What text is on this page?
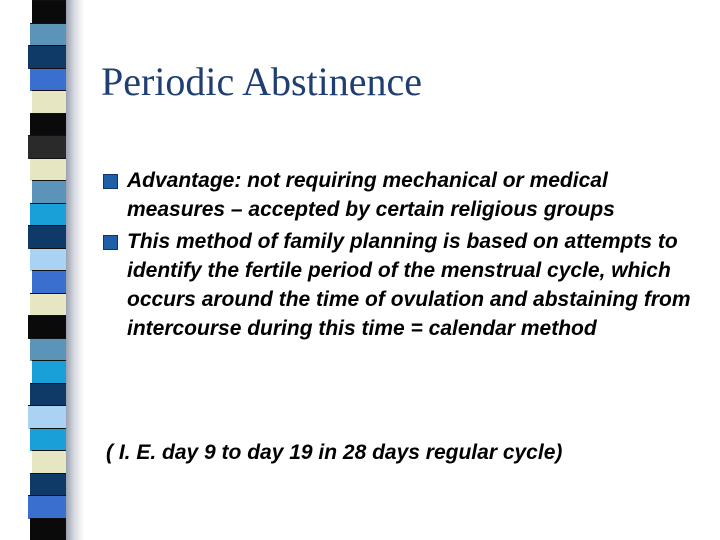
Periodic Abstinence
Advantage: not requiring mechanical or medical measures – accepted by certain religious groups
This method of family planning is based on attempts to identify the fertile period of the menstrual cycle, which occurs around the time of ovulation and abstaining from intercourse during this time = calendar method
( I. E. day 9 to day 19 in 28 days regular cycle)
